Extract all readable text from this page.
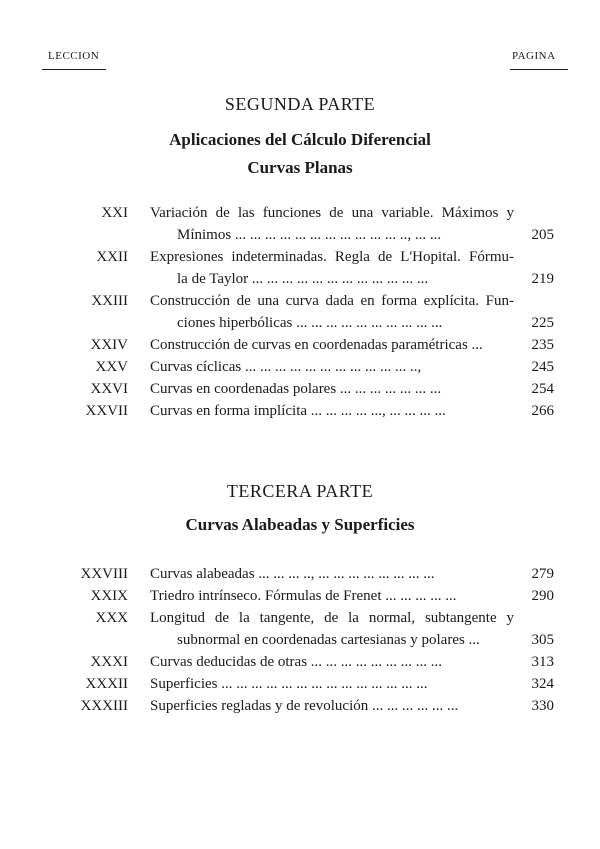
LECCION	PAGINA
SEGUNDA PARTE
Aplicaciones del Cálculo Diferencial
Curvas Planas
XXI Variación de las funciones de una variable. Máximos y
Mínimos ... ... ... ... ... ... ... ... ... ... ... .., ... ...	205
XXII Expresiones indeterminadas. Regla de L'Hopital. Fórmu-
la de Taylor ... ... ... ... ... ... ... ... ... ... ... ...	219
XXIII Construcción de una curva dada en forma explícita. Fun-
ciones hiperbólicas ... ... ... ... ... ... ... ... ... ...	225
XXIV Construcción de curvas en coordenadas paramétricas ...	235
XXV Curvas cíclicas ... ... ... ... ... ... ... ... ... ... ... ..,	245
XXVI Curvas en coordenadas polares ... ... ... ... ... ... ...	254
XXVII Curvas en forma implícita ... ... ... ... ..., ... ... ... ...	266
TERCERA PARTE
Curvas Alabeadas y Superficies
XXVIII Curvas alabeadas ... ... ... .., ... ... ... ... ... ... ... ...	279
XXIX Triedro intrínseco. Fórmulas de Frenet ... ... ... ... ...	290
XXX Longitud de la tangente, de la normal, subtangente y
subnormal en coordenadas cartesianas y polares ...	305
XXXI Curvas deducidas de otras ... ... ... ... ... ... ... ... ...	313
XXXII Superficies ... ... ... ... ... ... ... ... ... ... ... ... ... ...	324
XXXIII Superficies regladas y de revolución ... ... ... ... ... ...	330
